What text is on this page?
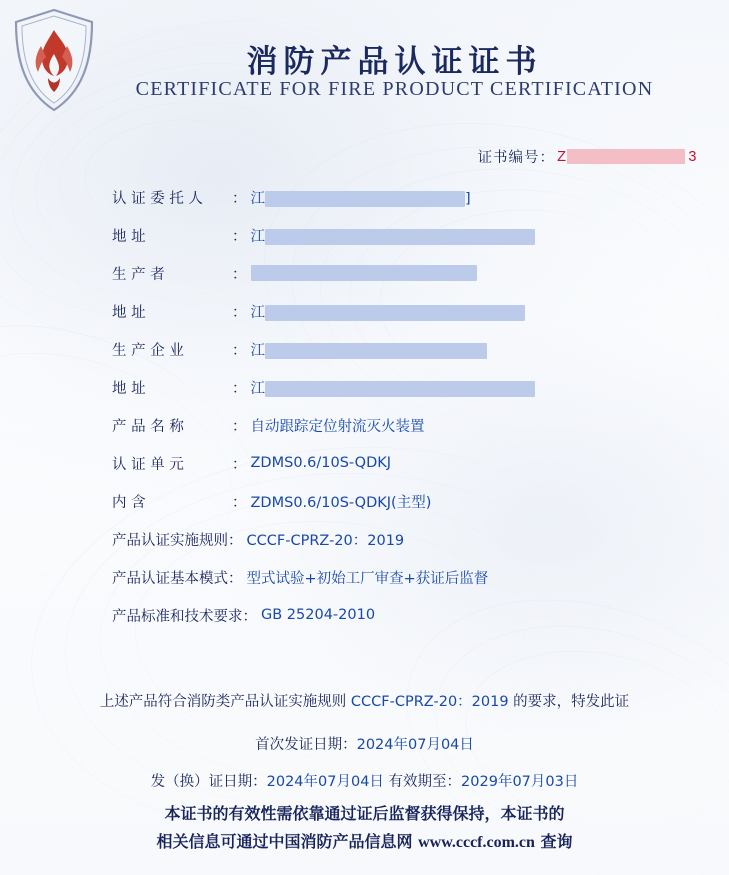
消防产品认证证书
CERTIFICATE FOR FIRE PRODUCT CERTIFICATION
证书编号： Z	3
认 证 委 托 人	： 江	]
地 址	： 江
生 产 者	：
地 址	： 江
生 产 企 业	： 江
地 址	： 江
产 品 名 称	： 自动跟踪定位射流灭火装置
认 证 单 元	： ZDMS0.6/10S-QDKJ
内 含	： ZDMS0.6/10S-QDKJ(主型)
产品认证实施规则： CCCF-CPRZ-20：2019
产品认证基本模式： 型式试验+初始工厂审查+获证后监督
产品标准和技术要求： GB 25204-2010
上述产品符合消防类产品认证实施规则 CCCF-CPRZ-20：2019 的要求，特发此证
首次发证日期：2024年07月04日
发（换）证日期：2024年07月04日 有效期至：2029年07月03日
本证书的有效性需依靠通过证后监督获得保持，本证书的
相关信息可通过中国消防产品信息网 www.cccf.com.cn 查询
